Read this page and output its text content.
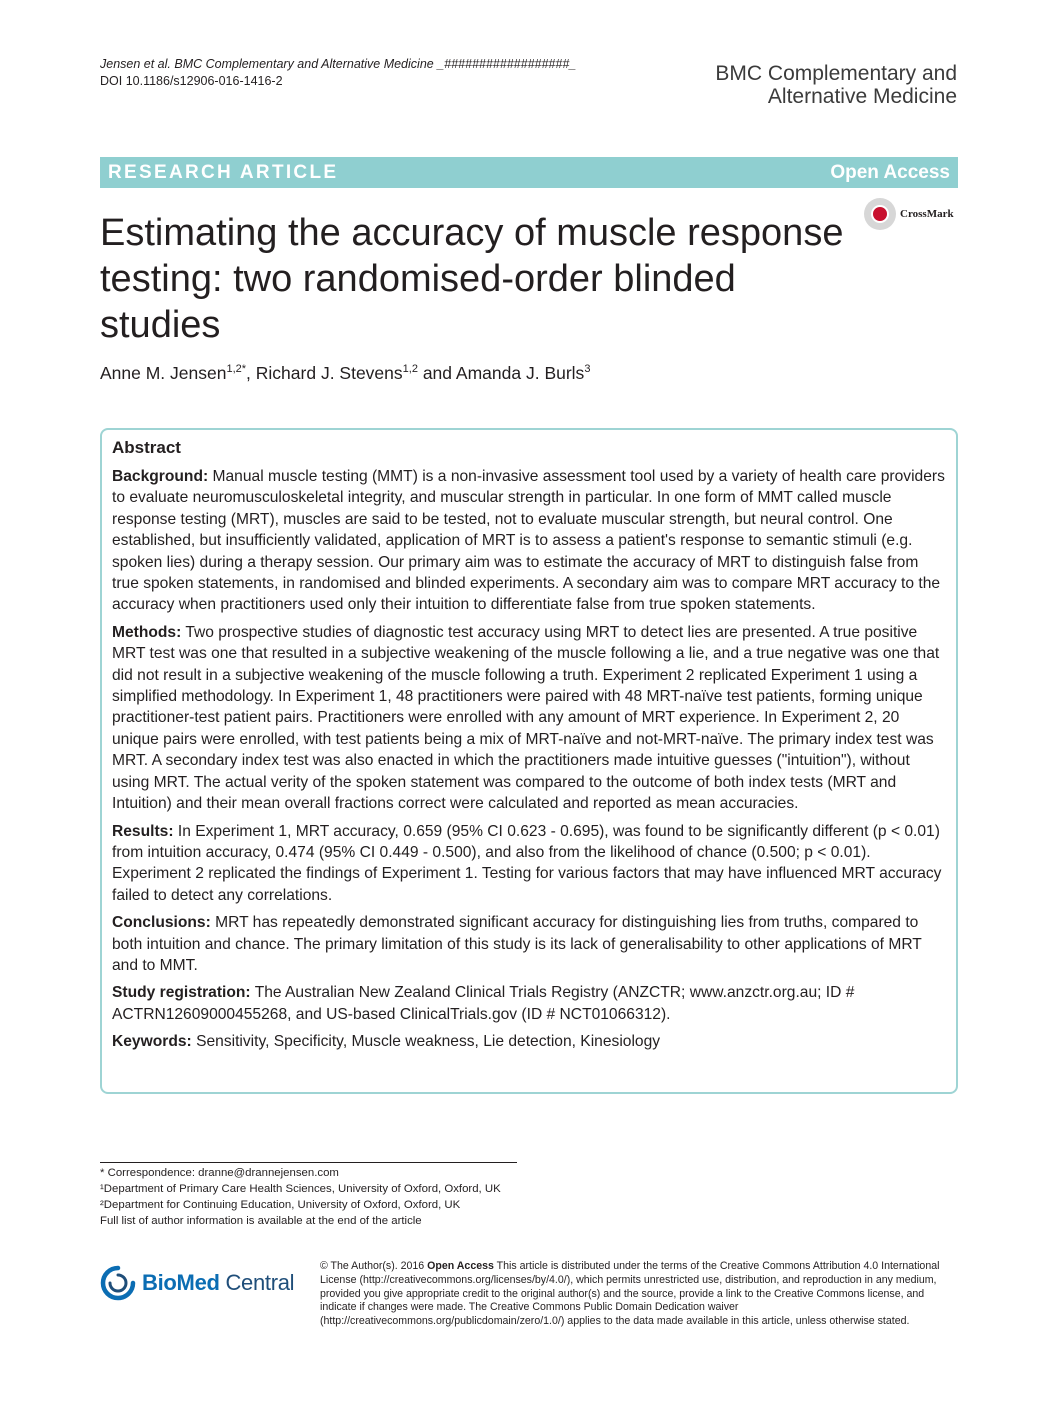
Jensen et al. BMC Complementary and Alternative Medicine _##################_
DOI 10.1186/s12906-016-1416-2	BMC Complementary and
Alternative Medicine
RESEARCH ARTICLE	Open Access
Estimating the accuracy of muscle response testing: two randomised-order blinded studies
CrossMark
Anne M. Jensen$^{1,2*}$, Richard J. Stevens$^{1,2}$ and Amanda J. Burls$^3$
Abstract

Background: Manual muscle testing (MMT) is a non-invasive assessment tool used by a variety of health care providers to evaluate neuromusculoskeletal integrity, and muscular strength in particular. In one form of MMT called muscle response testing (MRT), muscles are said to be tested, not to evaluate muscular strength, but neural control. One established, but insufficiently validated, application of MRT is to assess a patient's response to semantic stimuli (e.g. spoken lies) during a therapy session. Our primary aim was to estimate the accuracy of MRT to distinguish false from true spoken statements, in randomised and blinded experiments. A secondary aim was to compare MRT accuracy to the accuracy when practitioners used only their intuition to differentiate false from true spoken statements.

Methods: Two prospective studies of diagnostic test accuracy using MRT to detect lies are presented. A true positive MRT test was one that resulted in a subjective weakening of the muscle following a lie, and a true negative was one that did not result in a subjective weakening of the muscle following a truth. Experiment 2 replicated Experiment 1 using a simplified methodology. In Experiment 1, 48 practitioners were paired with 48 MRT-naïve test patients, forming unique practitioner-test patient pairs. Practitioners were enrolled with any amount of MRT experience. In Experiment 2, 20 unique pairs were enrolled, with test patients being a mix of MRT-naïve and not-MRT-naïve. The primary index test was MRT. A secondary index test was also enacted in which the practitioners made intuitive guesses ("intuition"), without using MRT. The actual verity of the spoken statement was compared to the outcome of both index tests (MRT and Intuition) and their mean overall fractions correct were calculated and reported as mean accuracies.

Results: In Experiment 1, MRT accuracy, 0.659 (95% CI 0.623 - 0.695), was found to be significantly different (p < 0.01) from intuition accuracy, 0.474 (95% CI 0.449 - 0.500), and also from the likelihood of chance (0.500; p < 0.01). Experiment 2 replicated the findings of Experiment 1. Testing for various factors that may have influenced MRT accuracy failed to detect any correlations.

Conclusions: MRT has repeatedly demonstrated significant accuracy for distinguishing lies from truths, compared to both intuition and chance. The primary limitation of this study is its lack of generalisability to other applications of MRT and to MMT.

Study registration: The Australian New Zealand Clinical Trials Registry (ANZCTR; www.anzctr.org.au; ID # ACTRN12609000455268, and US-based ClinicalTrials.gov (ID # NCT01066312).

Keywords: Sensitivity, Specificity, Muscle weakness, Lie detection, Kinesiology

* Correspondence: dranne@drannejensen.com
¹Department of Primary Care Health Sciences, University of Oxford, Oxford, UK
²Department for Continuing Education, University of Oxford, Oxford, UK
Full list of author information is available at the end of the article
BioMed Central
© The Author(s). 2016 Open Access This article is distributed under the terms of the Creative Commons Attribution 4.0 International License (http://creativecommons.org/licenses/by/4.0/), which permits unrestricted use, distribution, and reproduction in any medium, provided you give appropriate credit to the original author(s) and the source, provide a link to the Creative Commons license, and indicate if changes were made. The Creative Commons Public Domain Dedication waiver (http://creativecommons.org/publicdomain/zero/1.0/) applies to the data made available in this article, unless otherwise stated.
